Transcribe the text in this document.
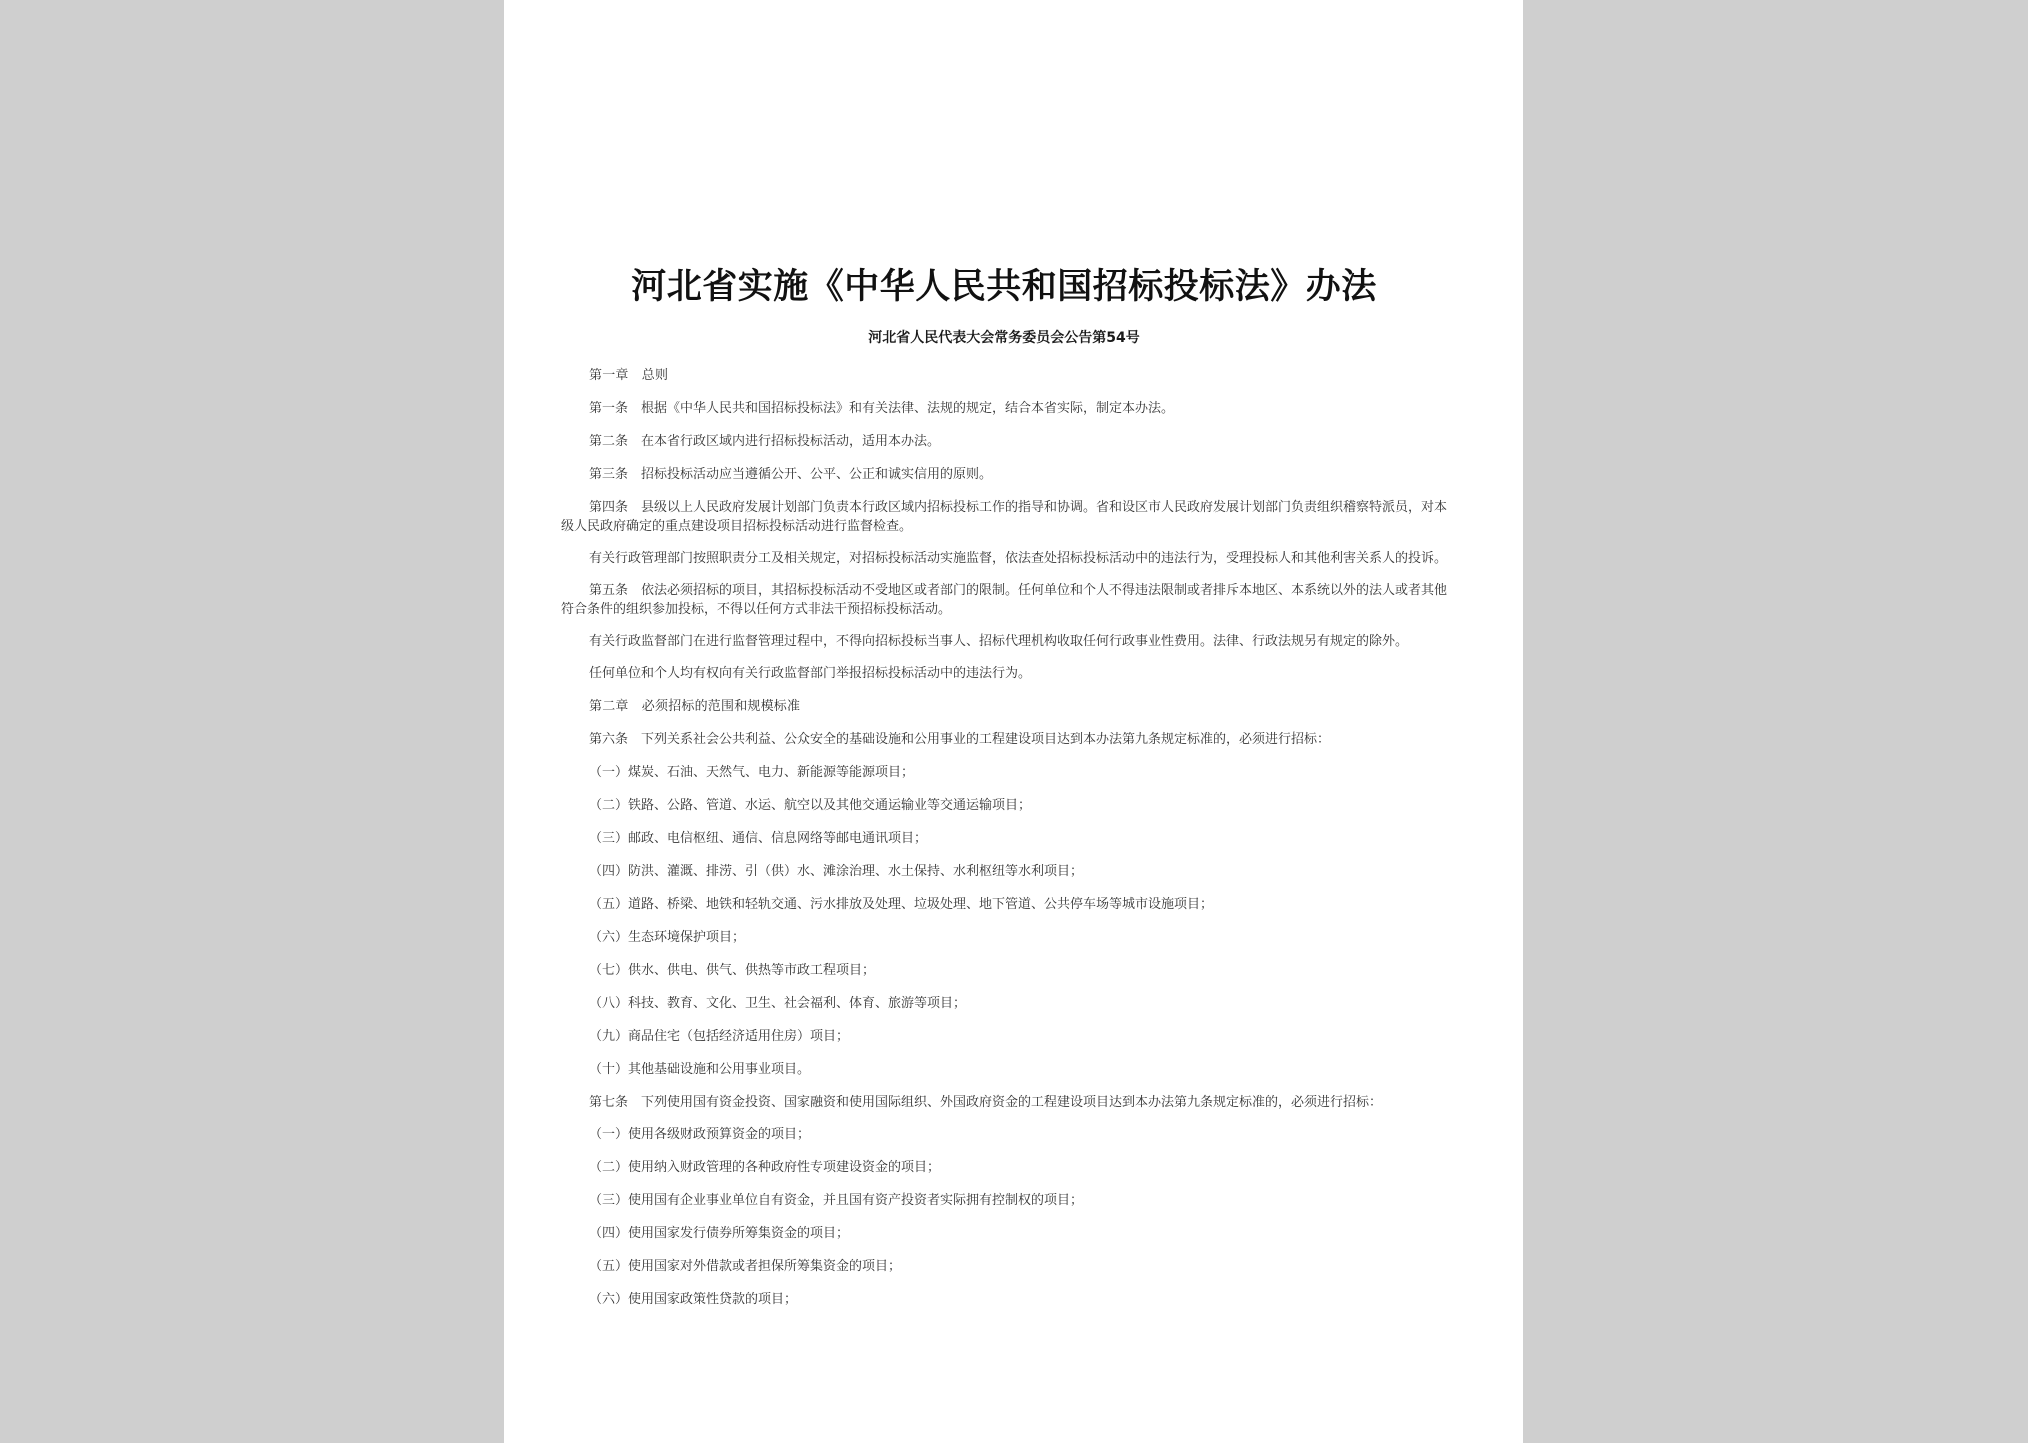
河北省实施《中华人民共和国招标投标法》办法

河北省人民代表大会常务委员会公告第54号

第一章　总则

第一条　根据《中华人民共和国招标投标法》和有关法律、法规的规定，结合本省实际，制定本办法。

第二条　在本省行政区域内进行招标投标活动，适用本办法。

第三条　招标投标活动应当遵循公开、公平、公正和诚实信用的原则。

第四条　县级以上人民政府发展计划部门负责本行政区域内招标投标工作的指导和协调。省和设区市人民政府发展计划部门负责组织稽察特派员，对本级人民政府确定的重点建设项目招标投标活动进行监督检查。

有关行政管理部门按照职责分工及相关规定，对招标投标活动实施监督，依法查处招标投标活动中的违法行为，受理投标人和其他利害关系人的投诉。

第五条　依法必须招标的项目，其招标投标活动不受地区或者部门的限制。任何单位和个人不得违法限制或者排斥本地区、本系统以外的法人或者其他符合条件的组织参加投标，不得以任何方式非法干预招标投标活动。

有关行政监督部门在进行监督管理过程中，不得向招标投标当事人、招标代理机构收取任何行政事业性费用。法律、行政法规另有规定的除外。

任何单位和个人均有权向有关行政监督部门举报招标投标活动中的违法行为。

第二章　必须招标的范围和规模标准

第六条　下列关系社会公共利益、公众安全的基础设施和公用事业的工程建设项目达到本办法第九条规定标准的，必须进行招标：

（一）煤炭、石油、天然气、电力、新能源等能源项目；
（二）铁路、公路、管道、水运、航空以及其他交通运输业等交通运输项目；
（三）邮政、电信枢纽、通信、信息网络等邮电通讯项目；
（四）防洪、灌溉、排涝、引（供）水、滩涂治理、水土保持、水利枢纽等水利项目；
（五）道路、桥梁、地铁和轻轨交通、污水排放及处理、垃圾处理、地下管道、公共停车场等城市设施项目；
（六）生态环境保护项目；
（七）供水、供电、供气、供热等市政工程项目；
（八）科技、教育、文化、卫生、社会福利、体育、旅游等项目；
（九）商品住宅（包括经济适用住房）项目；
（十）其他基础设施和公用事业项目。

第七条　下列使用国有资金投资、国家融资和使用国际组织、外国政府资金的工程建设项目达到本办法第九条规定标准的，必须进行招标：

（一）使用各级财政预算资金的项目；
（二）使用纳入财政管理的各种政府性专项建设资金的项目；
（三）使用国有企业事业单位自有资金，并且国有资产投资者实际拥有控制权的项目；
（四）使用国家发行债券所筹集资金的项目；
（五）使用国家对外借款或者担保所筹集资金的项目；
（六）使用国家政策性贷款的项目；
